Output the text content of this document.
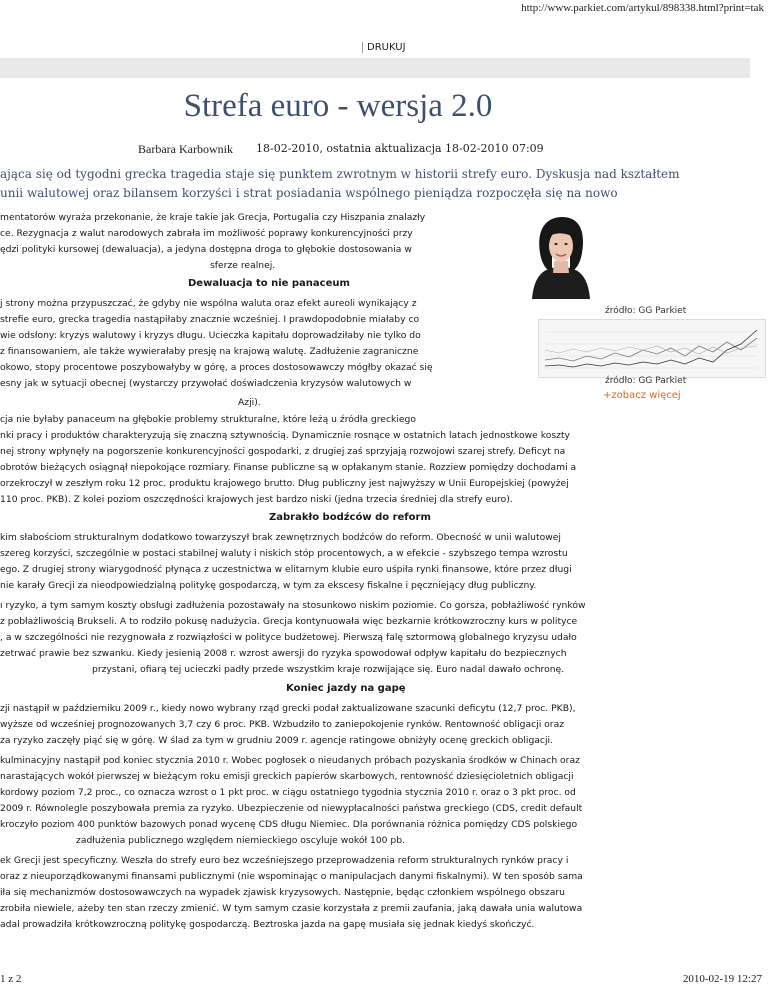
http://www.parkiet.com/artykul/898338.html?print=tak
DRUKUJ
Strefa euro - wersja 2.0
Barbara Karbownik 18-02-2010, ostatnia aktualizacja 18-02-2010 07:09
ająca się od tygodni grecka tragedia staje się punktem zwrotnym w historii strefy euro. Dyskusja nad kształtem
unii walutowej oraz bilansem korzyści i strat posiadania wspólnego pieniądza rozpoczęła się na nowo

mentatorów wyraża przekonanie, że kraje takie jak Grecja, Portugalia czy Hiszpania znalazły

ce. Rezygnacja z walut narodowych zabrała im możliwość poprawy konkurencyjności przy

ędzi polityki kursowej (dewaluacja), a jedyna dostępna droga to głębokie dostosowania w

sferze realnej.

Dewaluacja to nie panaceum

j strony można przypuszczać, że gdyby nie wspólna waluta oraz efekt aureoli wynikający z

strefie euro, grecka tragedia nastąpiłaby znacznie wcześniej. I prawdopodobnie miałaby co

wie odsłony: kryzys walutowy i kryzys długu. Ucieczka kapitału doprowadziłaby nie tylko do

z finansowaniem, ale także wywierałaby presję na krajową walutę. Zadłużenie zagraniczne

okowo, stopy procentowe poszybowałyby w górę, a proces dostosowawczy mógłby okazać się

esny jak w sytuacji obecnej (wystarczy przywołać doświadczenia kryzysów walutowych w

Azji).

cja nie byłaby panaceum na głębokie problemy strukturalne, które leżą u źródła greckiego

nki pracy i produktów charakteryzują się znaczną sztywnością. Dynamicznie rosnące w ostatnich latach jednostkowe koszty

nej strony wpłynęły na pogorszenie konkurencyjności gospodarki, z drugiej zaś sprzyjają rozwojowi szarej strefy. Deficyt na

obrotów bieżących osiągnął niepokojące rozmiary. Finanse publiczne są w opłakanym stanie. Rozziew pomiędzy dochodami a

orzekroczył w zeszłym roku 12 proc. produktu krajowego brutto. Dług publiczny jest najwyższy w Unii Europejskiej (powyżej

110 proc. PKB). Z kolei poziom oszczędności krajowych jest bardzo niski (jedna trzecia średniej dla strefy euro).

Zabrakło bodźców do reform

kim słabościom strukturalnym dodatkowo towarzyszył brak zewnętrznych bodźców do reform. Obecność w unii walutowej

szereg korzyści, szczególnie w postaci stabilnej waluty i niskich stóp procentowych, a w efekcie - szybszego tempa wzrostu

ego. Z drugiej strony wiarygodność płynąca z uczestnictwa w elitarnym klubie euro uśpiła rynki finansowe, które przez długi

nie karały Grecji za nieodpowiedzialną politykę gospodarczą, w tym za ekscesy fiskalne i pęczniejący dług publiczny.

ı ryzyko, a tym samym koszty obsługi zadłużenia pozostawały na stosunkowo niskim poziomie. Co gorsza, pobłażliwość rynków

z pobłażliwością Brukseli. A to rodziło pokusę nadużycia. Grecja kontynuowała więc bezkarnie krótkowzroczny kurs w polityce

, a w szczególności nie rezygnowała z rozwiązłości w polityce budżetowej. Pierwszą falę sztormową globalnego kryzysu udało

zetrwać prawie bez szwanku. Kiedy jesienią 2008 r. wzrost awersji do ryzyka spowodował odpływ kapitału do bezpiecznych

przystani, ofiarą tej ucieczki padły przede wszystkim kraje rozwijające się. Euro nadal dawało ochronę.

Koniec jazdy na gapę

zji nastąpił w październiku 2009 r., kiedy nowo wybrany rząd grecki podał zaktualizowane szacunki deficytu (12,7 proc. PKB),

wyższe od wcześniej prognozowanych 3,7 czy 6 proc. PKB. Wzbudziło to zaniepokojenie rynków. Rentowność obligacji oraz

za ryzyko zaczęły piąć się w górę. W ślad za tym w grudniu 2009 r. agencje ratingowe obniżyły ocenę greckich obligacji.

kulminacyjny nastąpił pod koniec stycznia 2010 r. Wobec pogłosek o nieudanych próbach pozyskania środków w Chinach oraz

narastających wokół pierwszej w bieżącym roku emisji greckich papierów skarbowych, rentowność dziesięcioletnich obligacji

kordowy poziom 7,2 proc., co oznacza wzrost o 1 pkt proc. w ciągu ostatniego tygodnia stycznia 2010 r. oraz o 3 pkt proc. od

2009 r. Równolegle poszybowała premia za ryzyko. Ubezpieczenie od niewypłacalności państwa greckiego (CDS, credit default

kroczyło poziom 400 punktów bazowych ponad wycenę CDS długu Niemiec. Dla porównania różnica pomiędzy CDS polskiego

zadłużenia publicznego względem niemieckiego oscyluje wokół 100 pb.

ek Grecji jest specyficzny. Weszła do strefy euro bez wcześniejszego przeprowadzenia reform strukturalnych rynków pracy i

oraz z nieuporządkowanymi finansami publicznymi (nie wspominając o manipulacjach danymi fiskalnymi). W ten sposób sama

iła się mechanizmów dostosowawczych na wypadek zjawisk kryzysowych. Następnie, będąc członkiem wspólnego obszaru

zrobiła niewiele, ażeby ten stan rzeczy zmienić. W tym samym czasie korzystała z premii zaufania, jaką dawała unia walutowa

adal prowadziła krótkowzroczną politykę gospodarczą. Beztroska jazda na gapę musiała się jednak kiedyś skończyć.

źródło: GG Parkiet
źródło: GG Parkiet
+zobacz więcej
1 z 2	2010-02-19 12:27
